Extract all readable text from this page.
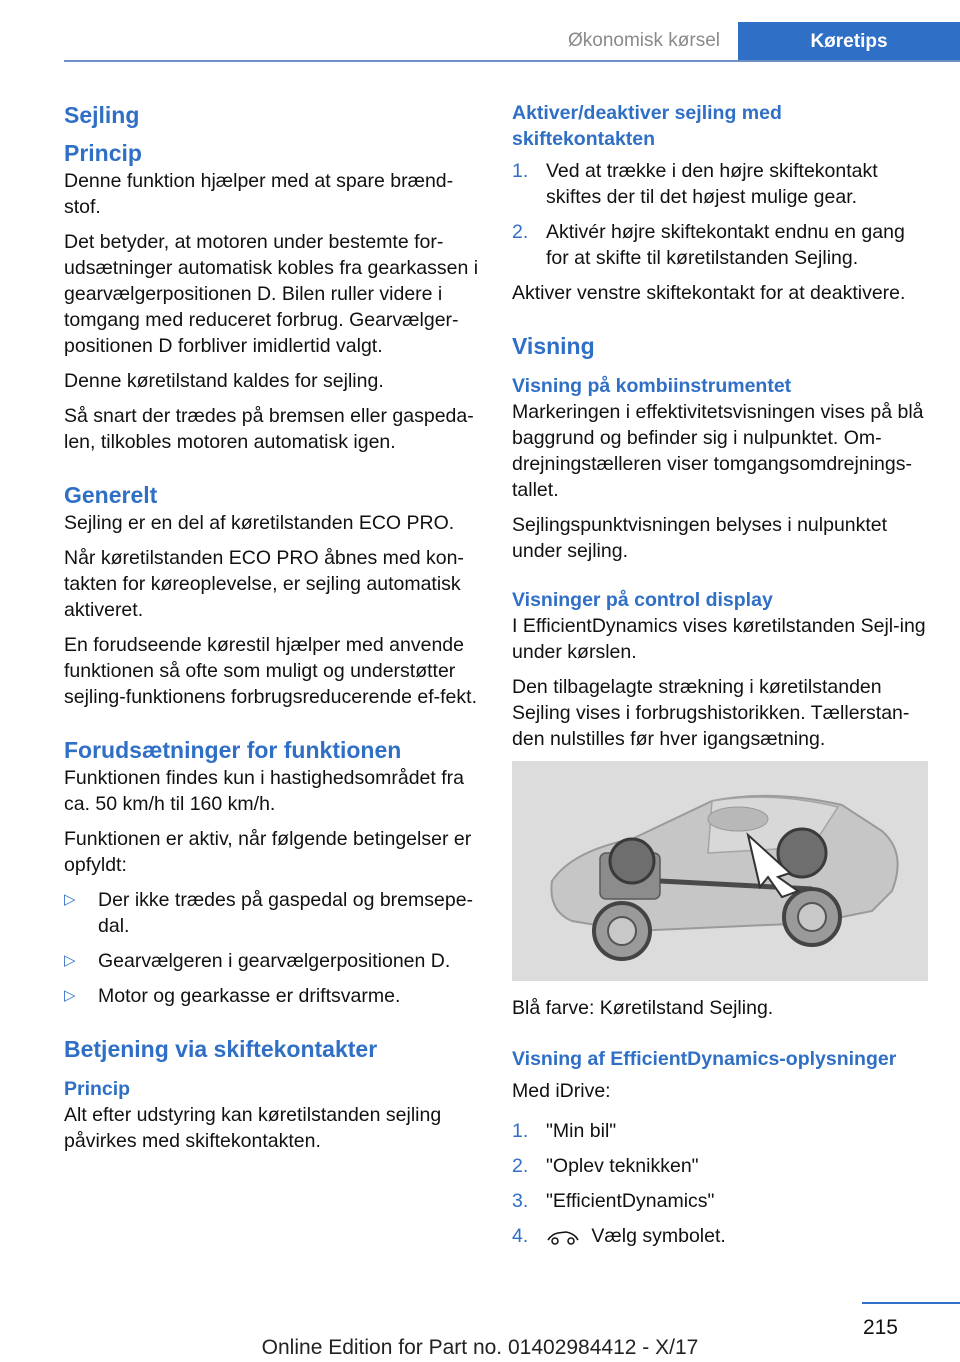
Økonomisk kørsel	Køretips
Sejling
Princip

Denne funktion hjælper med at spare brænd-stof.

Det betyder, at motoren under bestemte for-udsætninger automatisk kobles fra gearkassen i gearvælgerpositionen D. Bilen ruller videre i tomgang med reduceret forbrug. Gearvælger-positionen D forbliver imidlertid valgt.

Denne køretilstand kaldes for sejling.

Så snart der trædes på bremsen eller gaspeda-len, tilkobles motoren automatisk igen.

Generelt

Sejling er en del af køretilstanden ECO PRO.

Når køretilstanden ECO PRO åbnes med kon-takten for køreoplevelse, er sejling automatisk aktiveret.

En forudseende kørestil hjælper med anvende funktionen så ofte som muligt og understøtter sejling-funktionens forbrugsreducerende ef-fekt.

Forudsætninger for funktionen

Funktionen findes kun i hastighedsområdet fra ca. 50 km/h til 160 km/h.

Funktionen er aktiv, når følgende betingelser er opfyldt:

▷ Der ikke trædes på gaspedal og bremsepe-dal.
▷ Gearvælgeren i gearvælgerpositionen D.
▷ Motor og gearkasse er driftsvarme.
Betjening via skiftekontakter
Princip

Alt efter udstyring kan køretilstanden sejling påvirkes med skiftekontakten.

Aktiver/deaktiver sejling med skiftekontakten
1. Ved at trække i den højre skiftekontakt skiftes der til det højest mulige gear.
2. Aktivér højre skiftekontakt endnu en gang for at skifte til køretilstanden Sejling.

Aktiver venstre skiftekontakt for at deaktivere.

Visning
Visning på kombiinstrumentet

Markeringen i effektivitetsvisningen vises på blå baggrund og befinder sig i nulpunktet. Om-drejningstælleren viser tomgangsomdrejnings-tallet.

Sejlingspunktvisningen belyses i nulpunktet under sejling.

Visninger på control display

I EfficientDynamics vises køretilstanden Sejl-ing under kørslen.

Den tilbagelagte strækning i køretilstanden Sejling vises i forbrugshistorikken. Tællerstan-den nulstilles før hver igangsætning.

Blå farve: Køretilstand Sejling.

Visning af EfficientDynamics-oplysninger

Med iDrive:

1. "Min bil"
2. "Oplev teknikken"
3. "EfficientDynamics"
4.	Vælg symbolet.
215
Online Edition for Part no. 01402984412 - X/17
